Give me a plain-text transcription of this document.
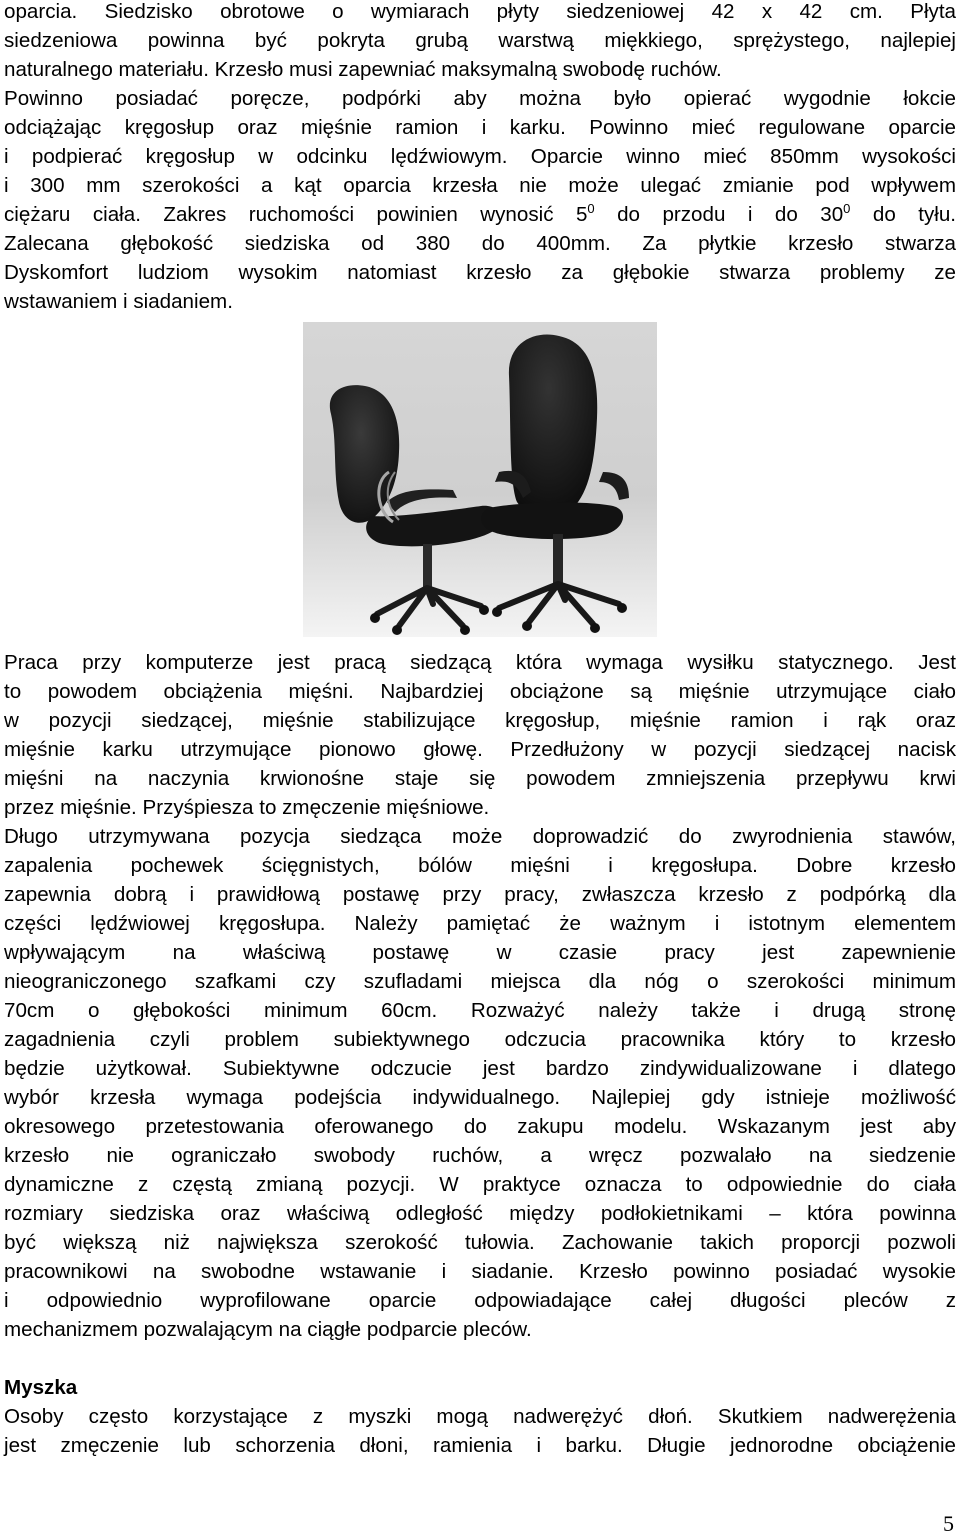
oparcia. Siedzisko obrotowe o wymiarach płyty siedzeniowej 42 x 42 cm. Płyta
siedzeniowa powinna być pokryta grubą warstwą miękkiego, sprężystego, najlepiej
naturalnego materiału. Krzesło musi zapewniać maksymalną swobodę ruchów.
Powinno posiadać poręcze, podpórki aby można było opierać wygodnie łokcie
odciążając kręgosłup oraz mięśnie ramion i karku. Powinno mieć regulowane oparcie
i podpierać kręgosłup w odcinku lędźwiowym. Oparcie winno mieć 850mm wysokości
i 300 mm szerokości a kąt oparcia krzesła nie może ulegać zmianie pod wpływem
ciężaru ciała. Zakres ruchomości powinien wynosić $5^0$ do przodu i do $30^0$ do tyłu.
Zalecana głębokość siedziska od 380 do 400mm. Za płytkie krzesło stwarza
Dyskomfort ludziom wysokim natomiast krzesło za głębokie stwarza problemy ze
wstawaniem i siadaniem.
Praca przy komputerze jest pracą siedzącą która wymaga wysiłku statycznego. Jest
to powodem obciążenia mięśni. Najbardziej obciążone są mięśnie utrzymujące ciało
w pozycji siedzącej, mięśnie stabilizujące kręgosłup, mięśnie ramion i rąk oraz
mięśnie karku utrzymujące pionowo głowę. Przedłużony w pozycji siedzącej nacisk
mięśni na naczynia krwionośne staje się powodem zmniejszenia przepływu krwi
przez mięśnie. Przyśpiesza to zmęczenie mięśniowe.
Długo utrzymywana pozycja siedząca może doprowadzić do zwyrodnienia stawów,
zapalenia pochewek ścięgnistych, bólów mięśni i kręgosłupa. Dobre krzesło
zapewnia dobrą i prawidłową postawę przy pracy, zwłaszcza krzesło z podpórką dla
części lędźwiowej kręgosłupa. Należy pamiętać że ważnym i istotnym elementem
wpływającym na właściwą postawę w czasie pracy jest zapewnienie
nieograniczonego szafkami czy szufladami miejsca dla nóg o szerokości minimum
70cm o głębokości minimum 60cm. Rozważyć należy także i drugą stronę
zagadnienia czyli problem subiektywnego odczucia pracownika który to krzesło
będzie użytkował. Subiektywne odczucie jest bardzo zindywidualizowane i dlatego
wybór krzesła wymaga podejścia indywidualnego. Najlepiej gdy istnieje możliwość
okresowego przetestowania oferowanego do zakupu modelu. Wskazanym jest aby
krzesło nie ograniczało swobody ruchów, a wręcz pozwalało na siedzenie
dynamiczne z częstą zmianą pozycji. W praktyce oznacza to odpowiednie do ciała
rozmiary siedziska oraz właściwą odległość między podłokietnikami – która powinna
być większą niż największa szerokość tułowia. Zachowanie takich proporcji pozwoli
pracownikowi na swobodne wstawanie i siadanie. Krzesło powinno posiadać wysokie
i odpowiednio wyprofilowane oparcie odpowiadające całej długości pleców z
mechanizmem pozwalającym na ciągłe podparcie pleców.
Myszka
Osoby często korzystające z myszki mogą nadwerężyć dłoń. Skutkiem nadwerężenia
jest zmęczenie lub schorzenia dłoni, ramienia i barku. Długie jednorodne obciążenie
5
